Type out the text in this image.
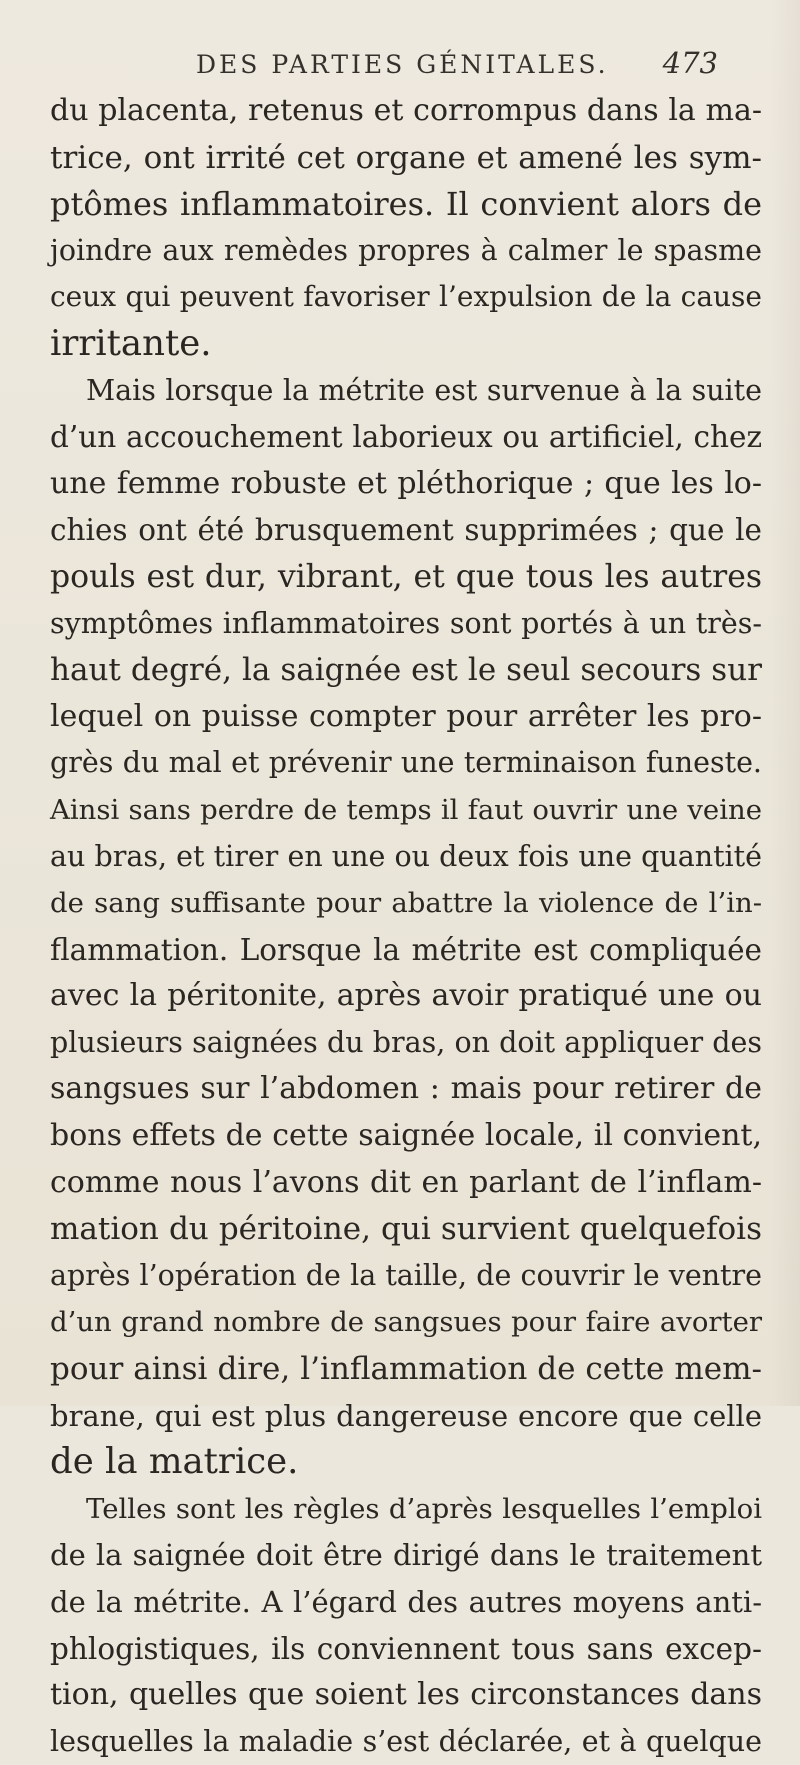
DES PARTIES GÉNITALES. 473
du placenta, retenus et corrompus dans la ma-
trice, ont irrité cet organe et amené les sym-
ptômes inflammatoires. Il convient alors de
joindre aux remèdes propres à calmer le spasme
ceux qui peuvent favoriser l’expulsion de la cause
irritante.
Mais lorsque la métrite est survenue à la suite
d’un accouchement laborieux ou artificiel, chez
une femme robuste et pléthorique ; que les lo-
chies ont été brusquement supprimées ; que le
pouls est dur, vibrant, et que tous les autres
symptômes inflammatoires sont portés à un très-
haut degré, la saignée est le seul secours sur
lequel on puisse compter pour arrêter les pro-
grès du mal et prévenir une terminaison funeste.
Ainsi sans perdre de temps il faut ouvrir une veine
au bras, et tirer en une ou deux fois une quantité
de sang suffisante pour abattre la violence de l’in-
flammation. Lorsque la métrite est compliquée
avec la péritonite, après avoir pratiqué une ou
plusieurs saignées du bras, on doit appliquer des
sangsues sur l’abdomen : mais pour retirer de
bons effets de cette saignée locale, il convient,
comme nous l’avons dit en parlant de l’inflam-
mation du péritoine, qui survient quelquefois
après l’opération de la taille, de couvrir le ventre
d’un grand nombre de sangsues pour faire avorter
pour ainsi dire, l’inflammation de cette mem-
brane, qui est plus dangereuse encore que celle
de la matrice.
Telles sont les règles d’après lesquelles l’emploi
de la saignée doit être dirigé dans le traitement
de la métrite. A l’égard des autres moyens anti-
phlogistiques, ils conviennent tous sans excep-
tion, quelles que soient les circonstances dans
lesquelles la maladie s’est déclarée, et à quelque
